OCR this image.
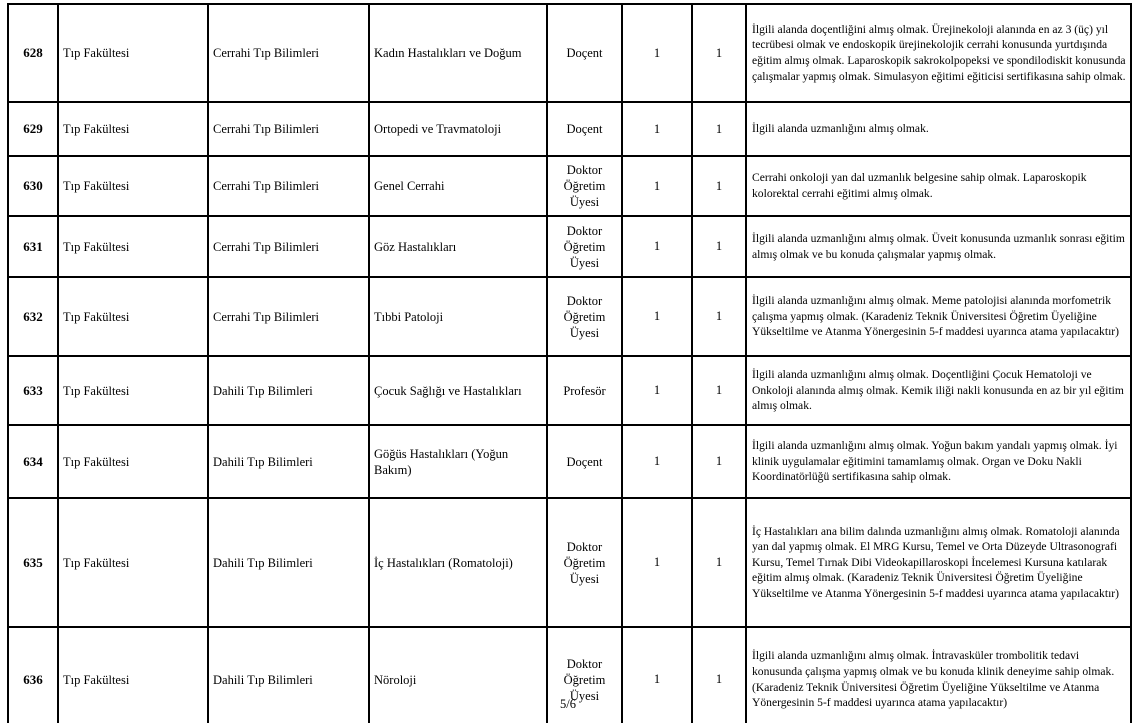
628	Tıp Fakültesi	Cerrahi Tıp Bilimleri	Kadın Hastalıkları ve Doğum	Doçent	1	1	İlgili alanda doçentliğini almış olmak. Ürejinekoloji alanında en az 3 (üç) yıl tecrübesi olmak ve endoskopik ürejinekolojik cerrahi konusunda yurtdışında eğitim almış olmak. Laparoskopik sakrokolpopeksi ve spondilodiskit konusunda çalışmalar yapmış olmak. Simulasyon eğitimi eğiticisi sertifikasına sahip olmak.
629	Tıp Fakültesi	Cerrahi Tıp Bilimleri	Ortopedi ve Travmatoloji	Doçent	1	1	İlgili alanda uzmanlığını almış olmak.
630	Tıp Fakültesi	Cerrahi Tıp Bilimleri	Genel Cerrahi	Doktor Öğretim Üyesi	1	1	Cerrahi onkoloji yan dal uzmanlık belgesine sahip olmak. Laparoskopik kolorektal cerrahi eğitimi almış olmak.
631	Tıp Fakültesi	Cerrahi Tıp Bilimleri	Göz Hastalıkları	Doktor Öğretim Üyesi	1	1	İlgili alanda uzmanlığını almış olmak. Üveit konusunda uzmanlık sonrası eğitim almış olmak ve bu konuda çalışmalar yapmış olmak.
632	Tıp Fakültesi	Cerrahi Tıp Bilimleri	Tıbbi Patoloji	Doktor Öğretim Üyesi	1	1	İlgili alanda uzmanlığını almış olmak. Meme patolojisi alanında morfometrik çalışma yapmış olmak. (Karadeniz Teknik Üniversitesi Öğretim Üyeliğine Yükseltilme ve Atanma Yönergesinin 5-f maddesi uyarınca atama yapılacaktır)
633	Tıp Fakültesi	Dahili Tıp Bilimleri	Çocuk Sağlığı ve Hastalıkları	Profesör	1	1	İlgili alanda uzmanlığını almış olmak. Doçentliğini Çocuk Hematoloji ve Onkoloji alanında almış olmak. Kemik iliği nakli konusunda en az bir yıl eğitim almış olmak.
634	Tıp Fakültesi	Dahili Tıp Bilimleri	Göğüs Hastalıkları (Yoğun Bakım)	Doçent	1	1	İlgili alanda uzmanlığını almış olmak. Yoğun bakım yandalı yapmış olmak. İyi klinik uygulamalar eğitimini tamamlamış olmak. Organ ve Doku Nakli Koordinatörlüğü sertifikasına sahip olmak.
635	Tıp Fakültesi	Dahili Tıp Bilimleri	İç Hastalıkları (Romatoloji)	Doktor Öğretim Üyesi	1	1	İç Hastalıkları ana bilim dalında uzmanlığını almış olmak. Romatoloji alanında yan dal yapmış olmak. El MRG Kursu, Temel ve Orta Düzeyde Ultrasonografi Kursu, Temel Tırnak Dibi Videokapillaroskopi İncelemesi Kursuna katılarak eğitim almış olmak. (Karadeniz Teknik Üniversitesi Öğretim Üyeliğine Yükseltilme ve Atanma Yönergesinin 5-f maddesi uyarınca atama yapılacaktır)
636	Tıp Fakültesi	Dahili Tıp Bilimleri	Nöroloji	Doktor Öğretim Üyesi	1	1	İlgili alanda uzmanlığını almış olmak. İntravasküler trombolitik tedavi konusunda çalışma yapmış olmak ve bu konuda klinik deneyime sahip olmak. (Karadeniz Teknik Üniversitesi Öğretim Üyeliğine Yükseltilme ve Atanma Yönergesinin 5-f maddesi uyarınca atama yapılacaktır)
5/6
